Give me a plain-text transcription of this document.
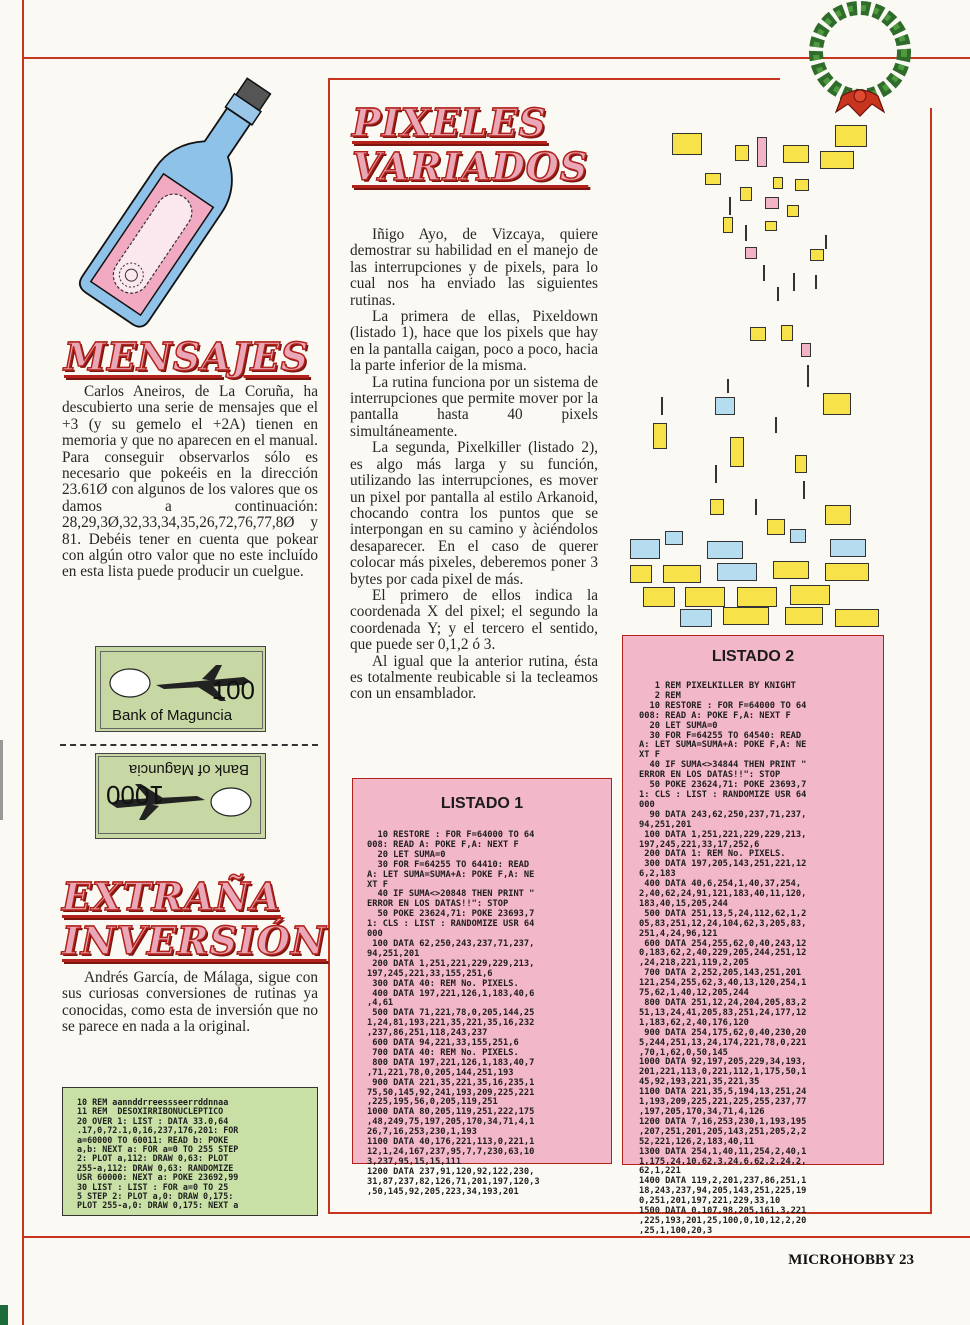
MENSAJES

Carlos Aneiros, de La Coruña, ha descubierto una serie de mensajes que el +3 (y su gemelo el +2A) tienen en memoria y que no aparecen en el manual. Para conseguir observarlos sólo es necesario que pokeéis en la dirección 23.61Ø con algunos de los valores que os damos a continuación: 28,29,3Ø,32,33,34,35,26,72,76,77,8Ø y 81. Debéis tener en cuenta que pokear con algún otro valor que no este incluído en esta lista puede producir un cuelgue.

100
Bank of Maguncia
1000
Bank of Maguncia
EXTRAÑA
INVERSIÓN

Andrés García, de Málaga, sigue con sus curiosas conversiones de rutinas ya conocidas, como esta de inversión que no se parece en nada a la original.

10 REM aannddrreessseerrddnnaa
11 REM  DESOXIRRIBONUCLEPTICO
20 OVER 1: LIST : DATA 33.0,64
.17,0,72.1,0,16,237,176,201: FOR
a=60000 TO 60011: READ b: POKE
a,b: NEXT a: FOR a=0 TO 255 STEP
2: PLOT a,112: DRAW 0,63: PLOT
255-a,112: DRAW 0,63: RANDOMIZE
USR 60000: NEXT a: POKE 23692,99
30 LIST : LIST : FOR a=0 TO 25
5 STEP 2: PLOT a,0: DRAW 0,175:
PLOT 255-a,0: DRAW 0,175: NEXT a
PIXELES
VARIADOS

Iñigo Ayo, de Vizcaya, quiere demostrar su habilidad en el manejo de las interrupciones y de pixels, para lo cual nos ha enviado las siguientes rutinas.

La primera de ellas, Pixeldown (listado 1), hace que los pixels que hay en la pantalla caigan, poco a poco, hacia la parte inferior de la misma.

La rutina funciona por un sistema de interrupciones que permite mover por la pantalla hasta 40 pixels simultáneamente.

La segunda, Pixelkiller (listado 2), es algo más larga y su función, utilizando las interrupciones, es mover un pixel por pantalla al estilo Arkanoid, chocando contra los puntos que se interpongan en su camino y àciéndolos desaparecer. En el caso de querer colocar más pixeles, deberemos poner 3 bytes por cada pixel de más.

El primero de ellos indica la coordenada X del pixel; el segundo la coordenada Y; y el tercero el sentido, que puede ser 0,1,2 ó 3.

Al igual que la anterior rutina, ésta es totalmente reubicable si la tecleamos con un ensamblador.

LISTADO 1
10 RESTORE : FOR F=64000 TO 64
008: READ A: POKE F,A: NEXT F
20 LET SUMA=0
30 FOR F=64255 TO 64410: READ
A: LET SUMA=SUMA+A: POKE F,A: NE
XT F
40 IF SUMA<>20848 THEN PRINT "
ERROR EN LOS DATAS!!": STOP
50 POKE 23624,71: POKE 23693,7
1: CLS : LIST : RANDOMIZE USR 64
000
100 DATA 62,250,243,237,71,237,
94,251,201
200 DATA 1,251,221,229,229,213,
197,245,221,33,155,251,6
300 DATA 40: REM No. PIXELS.
400 DATA 197,221,126,1,183,40,6
,4,61
500 DATA 71,221,78,0,205,144,25
1,24,81,193,221,35,221,35,16,232
,237,86,251,118,243,237
600 DATA 94,221,33,155,251,6
700 DATA 40: REM No. PIXELS.
800 DATA 197,221,126,1,183,40,7
,71,221,78,0,205,144,251,193
900 DATA 221,35,221,35,16,235,1
75,50,145,92,241,193,209,225,221
,225,195,56,0,205,119,251
1000 DATA 80,205,119,251,222,175
,48,249,75,197,205,170,34,71,4,1
26,7,16,253,230,1,193
1100 DATA 40,176,221,113,0,221,1
12,1,24,167,237,95,7,7,230,63,10
3,237,95,15,15,111
1200 DATA 237,91,120,92,122,230,
31,87,237,82,126,71,201,197,120,3
,50,145,92,205,223,34,193,201
LISTADO 2
1 REM PIXELKILLER BY KNIGHT
2 REM
10 RESTORE : FOR F=64000 TO 64
008: READ A: POKE F,A: NEXT F
20 LET SUMA=0
30 FOR F=64255 TO 64540: READ
A: LET SUMA=SUMA+A: POKE F,A: NE
XT F
40 IF SUMA<>34844 THEN PRINT "
ERROR EN LOS DATAS!!": STOP
50 POKE 23624,71: POKE 23693,7
1: CLS : LIST : RANDOMIZE USR 64
000
90 DATA 243,62,250,237,71,237,
94,251,201
100 DATA 1,251,221,229,229,213,
197,245,221,33,17,252,6
200 DATA 1: REM No. PIXELS.
300 DATA 197,205,143,251,221,12
6,2,183
400 DATA 40,6,254,1,40,37,254,
2,40,62,24,91,121,183,40,11,120,
183,40,15,205,244
500 DATA 251,13,5,24,112,62,1,2
05,83,251,12,24,104,62,3,205,83,
251,4,24,96,121
600 DATA 254,255,62,0,40,243,12
0,183,62,2,40,229,205,244,251,12
,24,218,221,119,2,205
700 DATA 2,252,205,143,251,201
121,254,255,62,3,40,13,120,254,1
75,62,1,40,12,205,244
800 DATA 251,12,24,204,205,83,2
51,13,24,41,205,83,251,24,177,12
1,183,62,2,40,176,120
900 DATA 254,175,62,0,40,230,20
5,244,251,13,24,174,221,78,0,221
,70,1,62,0,50,145
1000 DATA 92,197,205,229,34,193,
201,221,113,0,221,112,1,175,50,1
45,92,193,221,35,221,35
1100 DATA 221,35,5,194,13,251,24
1,193,209,225,221,225,255,237,77
,197,205,170,34,71,4,126
1200 DATA 7,16,253,230,1,193,195
,207,251,201,205,143,251,205,2,2
52,221,126,2,183,40,11
1300 DATA 254,1,40,11,254,2,40,1
1,175,24,10,62,3,24,6,62,2,24,2,
62,1,221
1400 DATA 119,2,201,237,86,251,1
18,243,237,94,205,143,251,225,19
0,251,201,197,221,229,33,10
1500 DATA 0,107,98,205,161,3,221
,225,193,201,25,100,0,10,12,2,20
,25,1,100,20,3
MICROHOBBY 23
